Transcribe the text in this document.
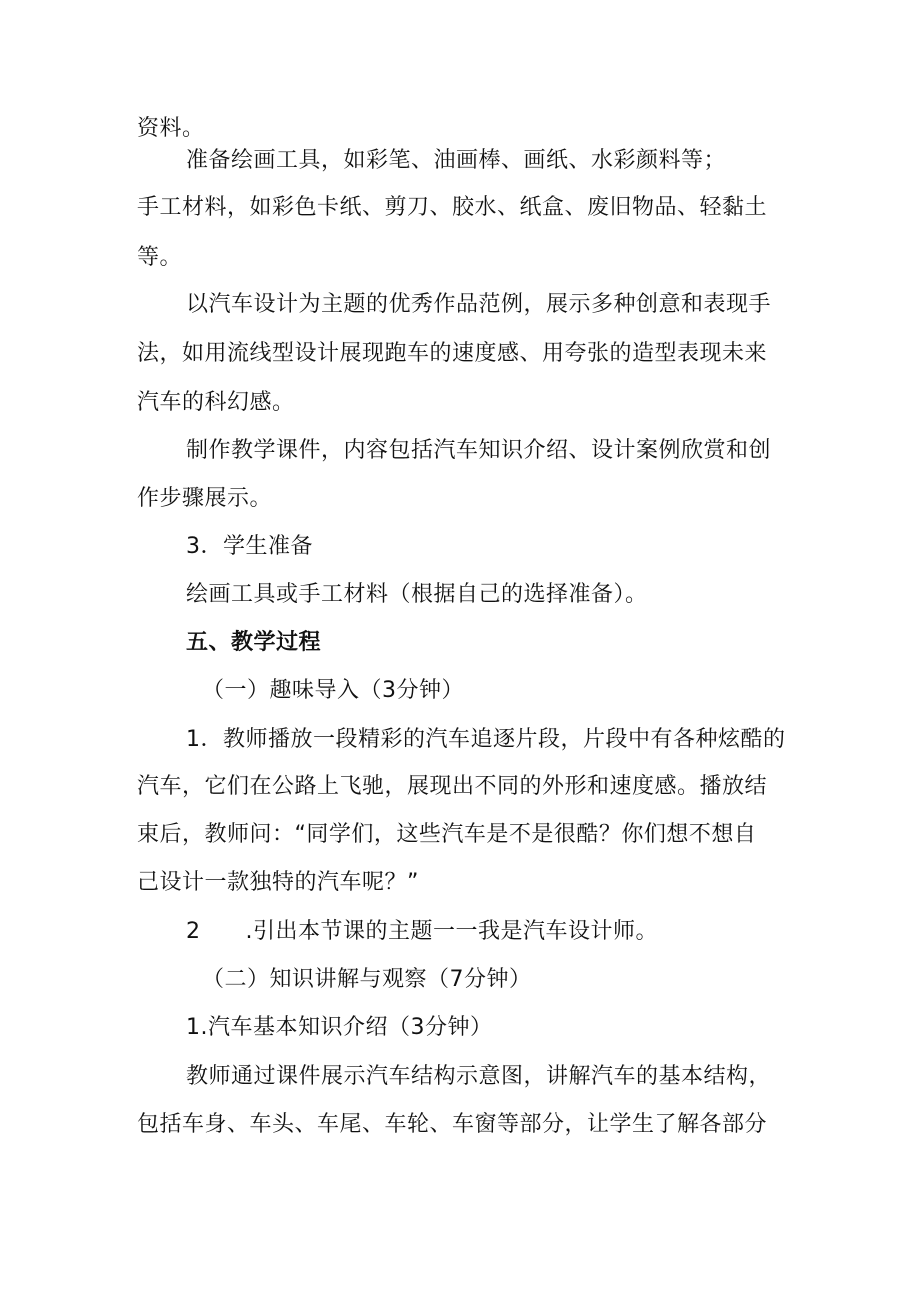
资料。
准备绘画工具，如彩笔、油画棒、画纸、水彩颜料等；
手工材料，如彩色卡纸、剪刀、胶水、纸盒、废旧物品、轻黏土
等。
以汽车设计为主题的优秀作品范例，展示多种创意和表现手
法，如用流线型设计展现跑车的速度感、用夸张的造型表现未来
汽车的科幻感。
制作教学课件，内容包括汽车知识介绍、设计案例欣赏和创
作步骤展示。
3．学生准备
绘画工具或手工材料（根据自己的选择准备）。
五、教学过程
（一）趣味导入（3分钟）
1．教师播放一段精彩的汽车追逐片段，片段中有各种炫酷的
汽车，它们在公路上飞驰，展现出不同的外形和速度感。播放结
束后，教师问：“同学们，这些汽车是不是很酷？你们想不想自
己设计一款独特的汽车呢？”
2　　.引出本节课的主题一一我是汽车设计师。
（二）知识讲解与观察（7分钟）
1.汽车基本知识介绍（3分钟）
教师通过课件展示汽车结构示意图，讲解汽车的基本结构，
包括车身、车头、车尾、车轮、车窗等部分，让学生了解各部分
